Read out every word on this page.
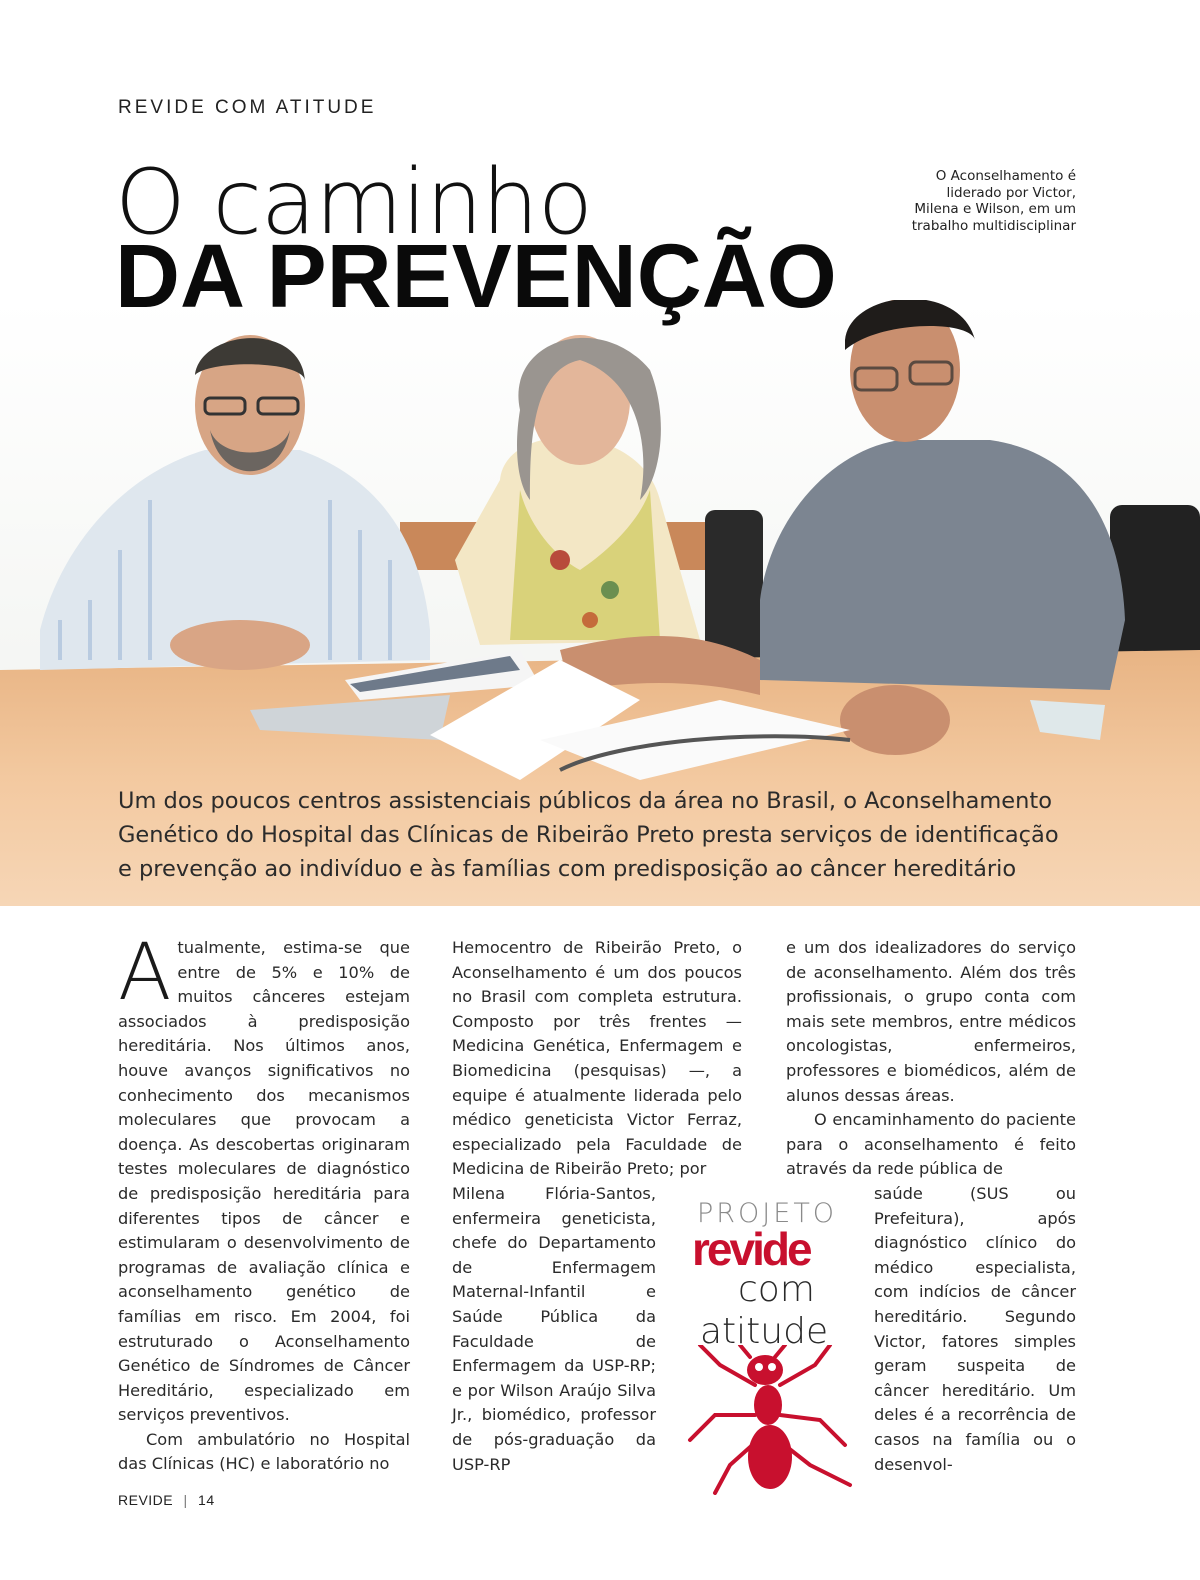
REVIDE COM ATITUDE
O caminho	O Aconselhamento é liderado por Victor, Milena e Wilson, em um trabalho multidisciplinar
DA PREVENÇÃO
Um dos poucos centros assistenciais públicos da área no Brasil, o Aconselhamento Genético do Hospital das Clínicas de Ribeirão Preto presta serviços de identificação e prevenção ao indivíduo e às famílias com predisposição ao câncer hereditário
A tualmente, estima-se que entre de 5% e 10% de muitos cânceres estejam associados à predisposição hereditária. Nos últimos anos, houve avanços significativos no conhecimento dos mecanismos moleculares que provocam a doença. As descobertas originaram testes moleculares de diagnóstico de predisposição hereditária para diferentes tipos de câncer e estimularam o desenvolvimento de programas de avaliação clínica e aconselhamento genético de famílias em risco. Em 2004, foi estruturado o Aconselhamento Genético de Síndromes de Câncer Hereditário, especializado em serviços preventivos.

Com ambulatório no Hospital das Clínicas (HC) e laboratório no

Hemocentro de Ribeirão Preto, o Aconselhamento é um dos poucos no Brasil com completa estrutura. Composto por três frentes — Medicina Genética, Enfermagem e Biomedicina (pesquisas) —, a equipe é atualmente liderada pelo médico geneticista Victor Ferraz, especializado pela Faculdade de Medicina de Ribeirão Preto; por

Milena Flória-Santos, enfermeira geneticista, chefe do Departamento de Enfermagem Maternal-Infantil e Saúde Pública da Faculdade de Enfermagem da USP-RP; e por Wilson Araújo Silva Jr., biomédico, professor de pós-graduação da USP-RP

e um dos idealizadores do serviço de aconselhamento. Além dos três profissionais, o grupo conta com mais sete membros, entre médicos oncologistas, enfermeiros, professores e biomédicos, além de alunos dessas áreas.

O encaminhamento do paciente para o aconselhamento é feito através da rede pública de

saúde (SUS ou Prefeitura), após diagnóstico clínico do médico especialista, com indícios de câncer hereditário. Segundo Victor, fatores simples geram suspeita de câncer hereditário. Um deles é a recorrência de casos na família ou o desenvol-
PROJETO
revide
com
atitude
REVIDE | 14
